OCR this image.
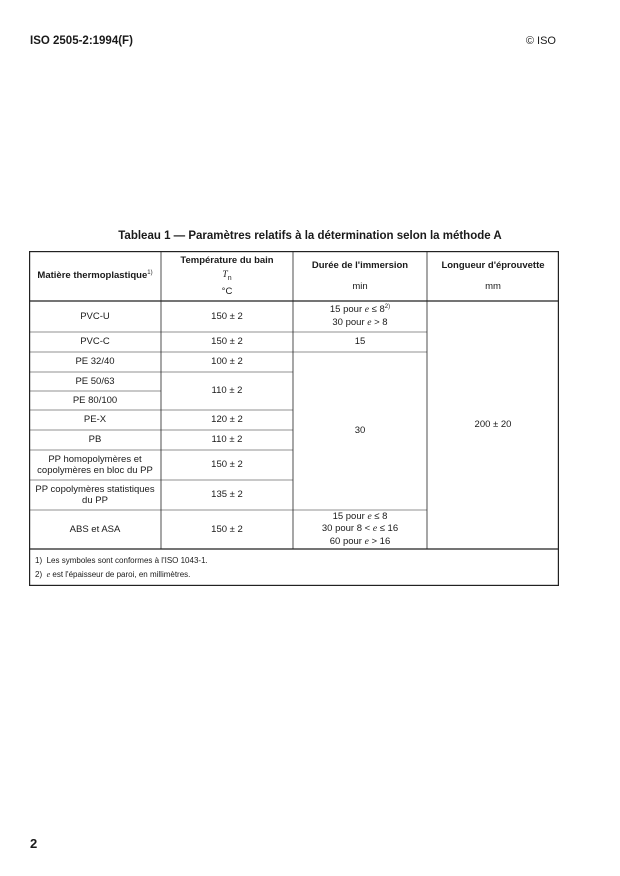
ISO 2505-2:1994(F)	© ISO
Tableau 1 — Paramètres relatifs à la détermination selon la méthode A
Matière thermoplastique$^{1)}$
Température du bain
$T_n$
°C
Durée de l'immersion
min
Longueur d'éprouvette
mm
PVC-U
PVC-C
PE 32/40
PE 50/63
PE 80/100
PE-X
PB
PP homopolymères et
copolymères en bloc du PP
PP copolymères statistiques
du PP
ABS et ASA
150 ± 2
150 ± 2
100 ± 2
110 ± 2
120 ± 2
110 ± 2
150 ± 2
135 ± 2
150 ± 2
15 pour $e \le 8^{2)}$
30 pour e > 8
15
30
15 pour e ≤ 8
30 pour 8 < e ≤ 16
60 pour e > 16
200 ± 20
1) Les symboles sont conformes à l'ISO 1043-1.
2) e est l'épaisseur de paroi, en millimètres.
2
